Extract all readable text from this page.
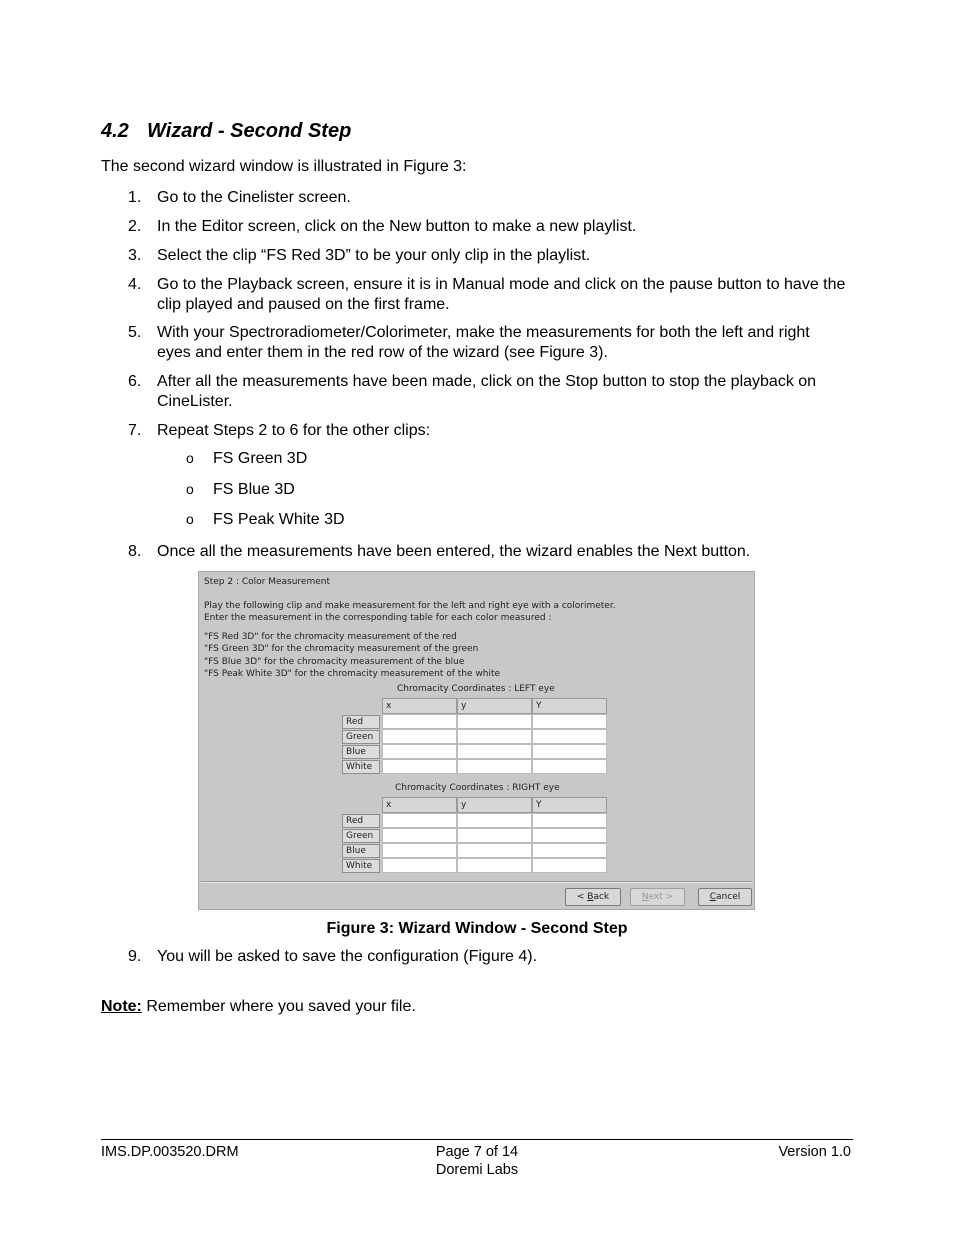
4.2 Wizard - Second Step
The second wizard window is illustrated in Figure 3:
1. Go to the Cinelister screen.
2. In the Editor screen, click on the New button to make a new playlist.
3. Select the clip “FS Red 3D” to be your only clip in the playlist.
4. Go to the Playback screen, ensure it is in Manual mode and click on the pause button to have the clip played and paused on the first frame.
5. With your Spectroradiometer/Colorimeter, make the measurements for both the left and right eyes and enter them in the red row of the wizard (see Figure 3).
6. After all the measurements have been made, click on the Stop button to stop the playback on CineLister.
7. Repeat Steps 2 to 6 for the other clips:
o FS Green 3D
o FS Blue 3D
o FS Peak White 3D
8. Once all the measurements have been entered, the wizard enables the Next button.
Step 2 : Color Measurement
Play the following clip and make measurement for the left and right eye with a colorimeter.
Enter the measurement in the corresponding table for each color measured :
"FS Red 3D" for the chromacity measurement of the red
"FS Green 3D" for the chromacity measurement of the green
"FS Blue 3D" for the chromacity measurement of the blue
"FS Peak White 3D" for the chromacity measurement of the white
Chromacity Coordinates : LEFT eye
x	y	Y
Red
Green
Blue
White
Chromacity Coordinates : RIGHT eye
x	y	Y
Red
Green
Blue
White
< Back	Next >	Cancel
Figure 3: Wizard Window - Second Step
9. You will be asked to save the configuration (Figure 4).
Note: Remember where you saved your file.
IMS.DP.003520.DRM	Page 7 of 14
Doremi Labs
Version 1.0
